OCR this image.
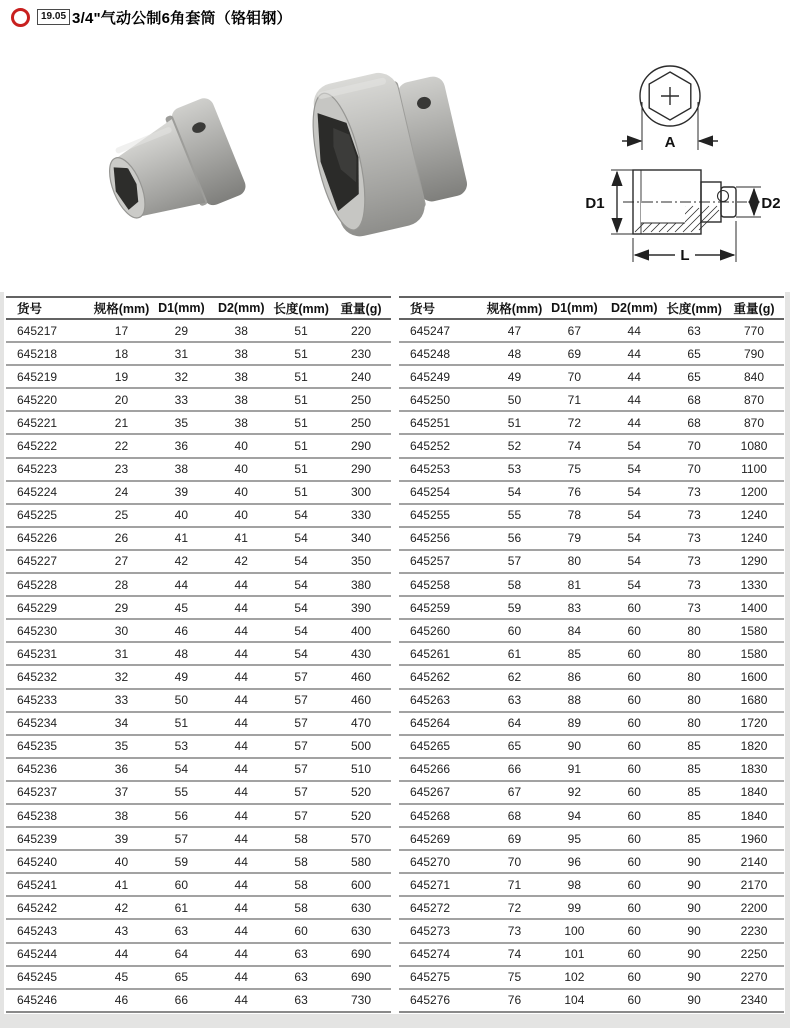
19.05 3/4"气动公制6角套筒（铬钼钢）
A
D1	D2
L
货号	规格(mm)	D1(mm)	D2(mm)	长度(mm)	重量(g)
645217	17	29	38	51	220
645218	18	31	38	51	230
645219	19	32	38	51	240
645220	20	33	38	51	250
645221	21	35	38	51	250
645222	22	36	40	51	290
645223	23	38	40	51	290
645224	24	39	40	51	300
645225	25	40	40	54	330
645226	26	41	41	54	340
645227	27	42	42	54	350
645228	28	44	44	54	380
645229	29	45	44	54	390
645230	30	46	44	54	400
645231	31	48	44	54	430
645232	32	49	44	57	460
645233	33	50	44	57	460
645234	34	51	44	57	470
645235	35	53	44	57	500
645236	36	54	44	57	510
645237	37	55	44	57	520
645238	38	56	44	57	520
645239	39	57	44	58	570
645240	40	59	44	58	580
645241	41	60	44	58	600
645242	42	61	44	58	630
645243	43	63	44	60	630
645244	44	64	44	63	690
645245	45	65	44	63	690
645246	46	66	44	63	730
货号	规格(mm)	D1(mm)	D2(mm)	长度(mm)	重量(g)
645247	47	67	44	63	770
645248	48	69	44	65	790
645249	49	70	44	65	840
645250	50	71	44	68	870
645251	51	72	44	68	870
645252	52	74	54	70	1080
645253	53	75	54	70	1100
645254	54	76	54	73	1200
645255	55	78	54	73	1240
645256	56	79	54	73	1240
645257	57	80	54	73	1290
645258	58	81	54	73	1330
645259	59	83	60	73	1400
645260	60	84	60	80	1580
645261	61	85	60	80	1580
645262	62	86	60	80	1600
645263	63	88	60	80	1680
645264	64	89	60	80	1720
645265	65	90	60	85	1820
645266	66	91	60	85	1830
645267	67	92	60	85	1840
645268	68	94	60	85	1840
645269	69	95	60	85	1960
645270	70	96	60	90	2140
645271	71	98	60	90	2170
645272	72	99	60	90	2200
645273	73	100	60	90	2230
645274	74	101	60	90	2250
645275	75	102	60	90	2270
645276	76	104	60	90	2340
